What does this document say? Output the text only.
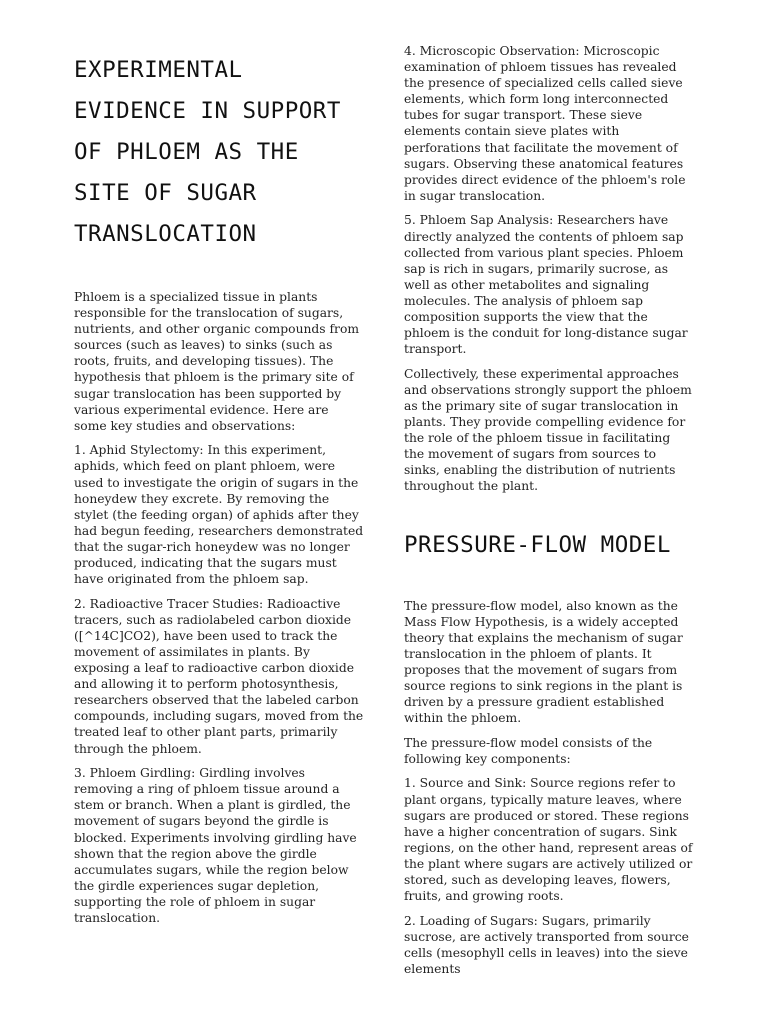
EXPERIMENTAL EVIDENCE IN SUPPORT OF PHLOEM AS THE SITE OF SUGAR TRANSLOCATION

Phloem is a specialized tissue in plants responsible for the translocation of sugars, nutrients, and other organic compounds from sources (such as leaves) to sinks (such as roots, fruits, and developing tissues). The hypothesis that phloem is the primary site of sugar translocation has been supported by various experimental evidence. Here are some key studies and observations:

1. Aphid Stylectomy: In this experiment, aphids, which feed on plant phloem, were used to investigate the origin of sugars in the honeydew they excrete. By removing the stylet (the feeding organ) of aphids after they had begun feeding, researchers demonstrated that the sugar-rich honeydew was no longer produced, indicating that the sugars must have originated from the phloem sap.

2. Radioactive Tracer Studies: Radioactive tracers, such as radiolabeled carbon dioxide ([^14C]CO2), have been used to track the movement of assimilates in plants. By exposing a leaf to radioactive carbon dioxide and allowing it to perform photosynthesis, researchers observed that the labeled carbon compounds, including sugars, moved from the treated leaf to other plant parts, primarily through the phloem.

3. Phloem Girdling: Girdling involves removing a ring of phloem tissue around a stem or branch. When a plant is girdled, the movement of sugars beyond the girdle is blocked. Experiments involving girdling have shown that the region above the girdle accumulates sugars, while the region below the girdle experiences sugar depletion, supporting the role of phloem in sugar translocation.

4. Microscopic Observation: Microscopic examination of phloem tissues has revealed the presence of specialized cells called sieve elements, which form long interconnected tubes for sugar transport. These sieve elements contain sieve plates with perforations that facilitate the movement of sugars. Observing these anatomical features provides direct evidence of the phloem's role in sugar translocation.

5. Phloem Sap Analysis: Researchers have directly analyzed the contents of phloem sap collected from various plant species. Phloem sap is rich in sugars, primarily sucrose, as well as other metabolites and signaling molecules. The analysis of phloem sap composition supports the view that the phloem is the conduit for long-distance sugar transport.

Collectively, these experimental approaches and observations strongly support the phloem as the primary site of sugar translocation in plants. They provide compelling evidence for the role of the phloem tissue in facilitating the movement of sugars from sources to sinks, enabling the distribution of nutrients throughout the plant.

PRESSURE-FLOW MODEL

The pressure-flow model, also known as the Mass Flow Hypothesis, is a widely accepted theory that explains the mechanism of sugar translocation in the phloem of plants. It proposes that the movement of sugars from source regions to sink regions in the plant is driven by a pressure gradient established within the phloem.

The pressure-flow model consists of the following key components:

1. Source and Sink: Source regions refer to plant organs, typically mature leaves, where sugars are produced or stored. These regions have a higher concentration of sugars. Sink regions, on the other hand, represent areas of the plant where sugars are actively utilized or stored, such as developing leaves, flowers, fruits, and growing roots.

2. Loading of Sugars: Sugars, primarily sucrose, are actively transported from source cells (mesophyll cells in leaves) into the sieve elements
